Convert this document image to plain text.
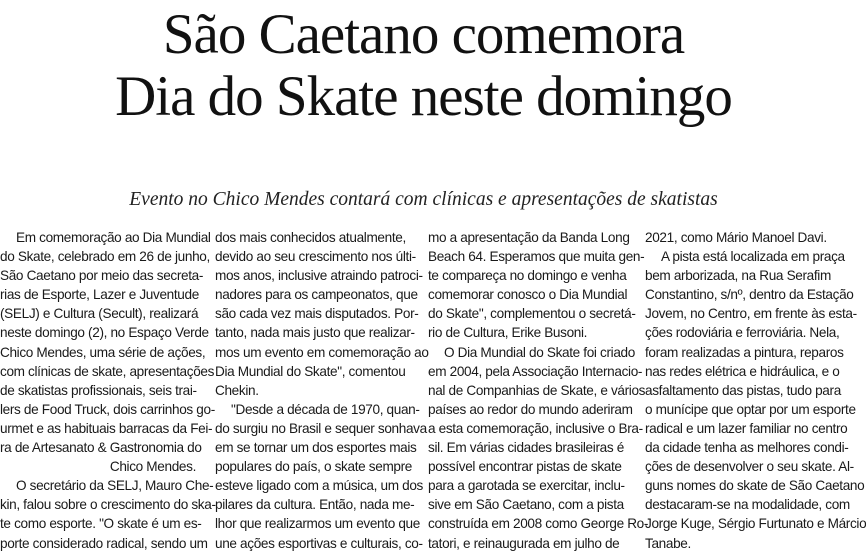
São Caetano comemora
Dia do Skate neste domingo
Evento no Chico Mendes contará com clínicas e apresentações de skatistas
Em comemoração ao Dia Mundial
do Skate, celebrado em 26 de junho,
São Caetano por meio das secreta-
rias de Esporte, Lazer e Juventude
(SELJ) e Cultura (Secult), realizará
neste domingo (2), no Espaço Verde
Chico Mendes, uma série de ações,
com clínicas de skate, apresentações
de skatistas profissionais, seis trai-
lers de Food Truck, dois carrinhos go-
urmet e as habituais barracas da Fei-
ra de Artesanato & Gastronomia do
Chico Mendes.
O secretário da SELJ, Mauro Che-
kin, falou sobre o crescimento do ska-
te como esporte. "O skate é um es-
porte considerado radical, sendo um
dos mais conhecidos atualmente,
devido ao seu crescimento nos últi-
mos anos, inclusive atraindo patroci-
nadores para os campeonatos, que
são cada vez mais disputados. Por-
tanto, nada mais justo que realizar-
mos um evento em comemoração ao
Dia Mundial do Skate", comentou
Chekin.
"Desde a década de 1970, quan-
do surgiu no Brasil e sequer sonhava
em se tornar um dos esportes mais
populares do país, o skate sempre
esteve ligado com a música, um dos
pilares da cultura. Então, nada me-
lhor que realizarmos um evento que
une ações esportivas e culturais, co-
mo a apresentação da Banda Long
Beach 64. Esperamos que muita gen-
te compareça no domingo e venha
comemorar conosco o Dia Mundial
do Skate", complementou o secretá-
rio de Cultura, Erike Busoni.
O Dia Mundial do Skate foi criado
em 2004, pela Associação Internacio-
nal de Companhias de Skate, e vários
países ao redor do mundo aderiram
a esta comemoração, inclusive o Bra-
sil. Em várias cidades brasileiras é
possível encontrar pistas de skate
para a garotada se exercitar, inclu-
sive em São Caetano, com a pista
construída em 2008 como George Ro-
tatori, e reinaugurada em julho de
2021, como Mário Manoel Davi.
A pista está localizada em praça
bem arborizada, na Rua Serafim
Constantino, s/nº, dentro da Estação
Jovem, no Centro, em frente às esta-
ções rodoviária e ferroviária. Nela,
foram realizadas a pintura, reparos
nas redes elétrica e hidráulica, e o
asfaltamento das pistas, tudo para
o munícipe que optar por um esporte
radical e um lazer familiar no centro
da cidade tenha as melhores condi-
ções de desenvolver o seu skate. Al-
guns nomes do skate de São Caetano
destacaram-se na modalidade, com
Jorge Kuge, Sérgio Furtunato e Márcio
Tanabe.
